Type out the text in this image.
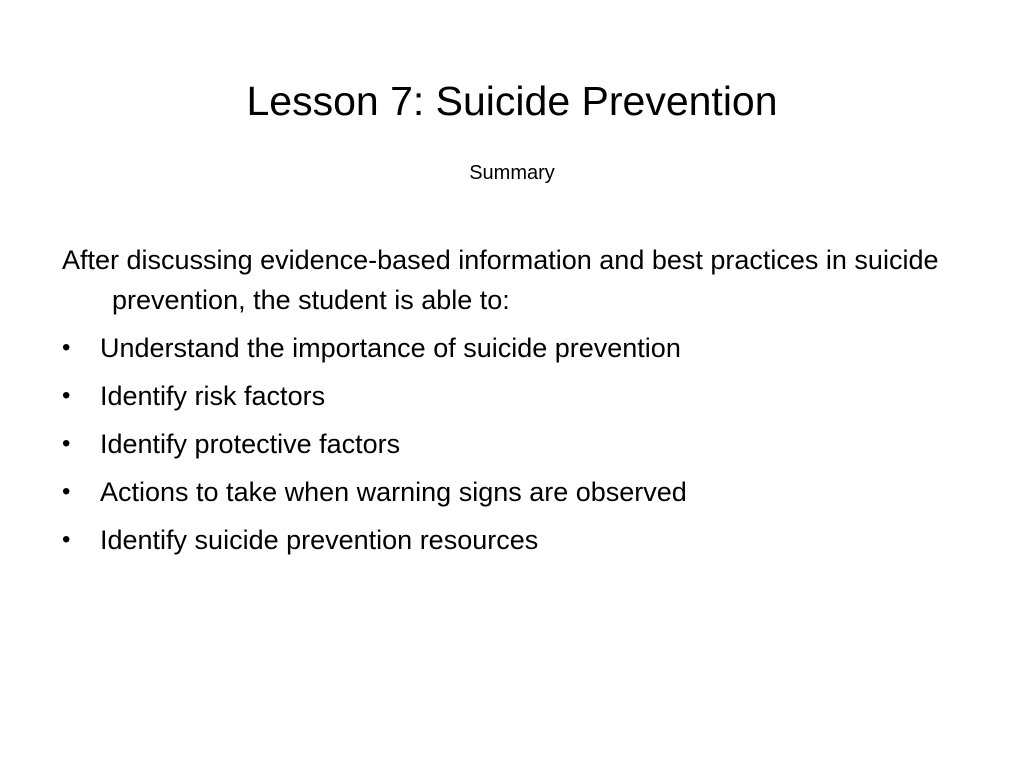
Lesson 7: Suicide Prevention
Summary

After discussing evidence-based information and best practices in suicide prevention, the student is able to:

•	Understand the importance of suicide prevention
•	Identify risk factors
•	Identify protective factors
•	Actions to take when warning signs are observed
•	Identify suicide prevention resources
